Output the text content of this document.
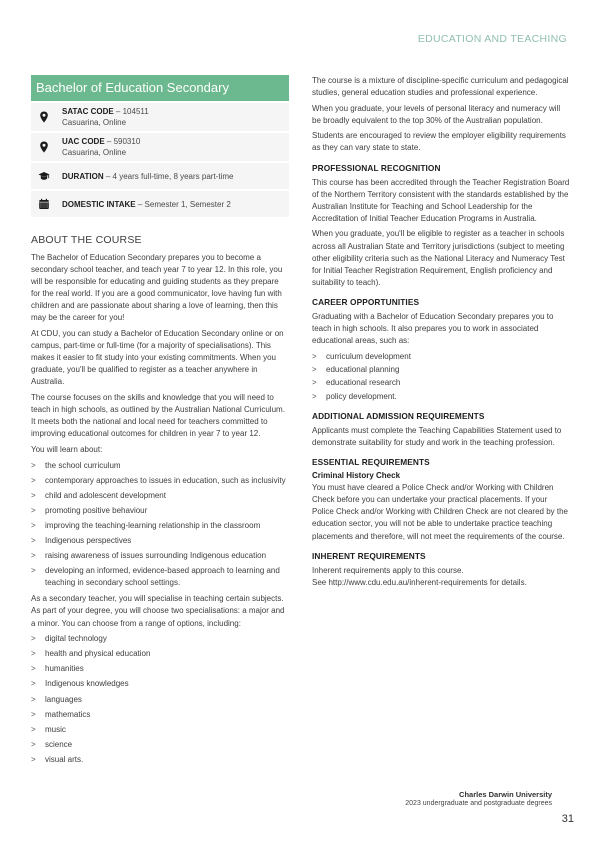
EDUCATION AND TEACHING
Bachelor of Education Secondary
SATAC CODE – 104511
Casuarina, Online
UAC CODE – 590310
Casuarina, Online
DURATION – 4 years full-time, 8 years part-time
DOMESTIC INTAKE – Semester 1, Semester 2
ABOUT THE COURSE

The Bachelor of Education Secondary prepares you to become a secondary school teacher, and teach year 7 to year 12. In this role, you will be responsible for educating and guiding students as they prepare for the real world. If you are a good communicator, love having fun with children and are passionate about sharing a love of learning, then this may be the career for you!

At CDU, you can study a Bachelor of Education Secondary online or on campus, part-time or full-time (for a majority of specialisations). This makes it easier to fit study into your existing commitments. When you graduate, you'll be qualified to register as a teacher anywhere in Australia.

The course focuses on the skills and knowledge that you will need to teach in high schools, as outlined by the Australian National Curriculum. It meets both the national and local need for teachers committed to improving educational outcomes for children in year 7 to year 12.

You will learn about:

> the school curriculum
> contemporary approaches to issues in education, such as inclusivity
> child and adolescent development
> promoting positive behaviour
> improving the teaching-learning relationship in the classroom
> Indigenous perspectives
> raising awareness of issues surrounding Indigenous education
> developing an informed, evidence-based approach to learning and teaching in secondary school settings.

As a secondary teacher, you will specialise in teaching certain subjects. As part of your degree, you will choose two specialisations: a major and a minor. You can choose from a range of options, including:

> digital technology
> health and physical education
> humanities
> Indigenous knowledges
> languages
> mathematics
> music
> science
> visual arts.

The course is a mixture of discipline-specific curriculum and pedagogical studies, general education studies and professional experience.

When you graduate, your levels of personal literacy and numeracy will be broadly equivalent to the top 30% of the Australian population.

Students are encouraged to review the employer eligibility requirements as they can vary state to state.

PROFESSIONAL RECOGNITION

This course has been accredited through the Teacher Registration Board of the Northern Territory consistent with the standards established by the Australian Institute for Teaching and School Leadership for the Accreditation of Initial Teacher Education Programs in Australia.

When you graduate, you'll be eligible to register as a teacher in schools across all Australian State and Territory jurisdictions (subject to meeting other eligibility criteria such as the National Literacy and Numeracy Test for Initial Teacher Registration Requirement, English proficiency and suitability to teach).

CAREER OPPORTUNITIES

Graduating with a Bachelor of Education Secondary prepares you to teach in high schools. It also prepares you to work in associated educational areas, such as:

> curriculum development
> educational planning
> educational research
> policy development.
ADDITIONAL ADMISSION REQUIREMENTS

Applicants must complete the Teaching Capabilities Statement used to demonstrate suitability for study and work in the teaching profession.

ESSENTIAL REQUIREMENTS
Criminal History Check

You must have cleared a Police Check and/or Working with Children Check before you can undertake your practical placements. If your Police Check and/or Working with Children Check are not cleared by the education sector, you will not be able to undertake practice teaching placements and therefore, will not meet the requirements of the course.

INHERENT REQUIREMENTS

Inherent requirements apply to this course.
See http://www.cdu.edu.au/inherent-requirements for details.

Charles Darwin University
2023 undergraduate and postgraduate degrees
31
